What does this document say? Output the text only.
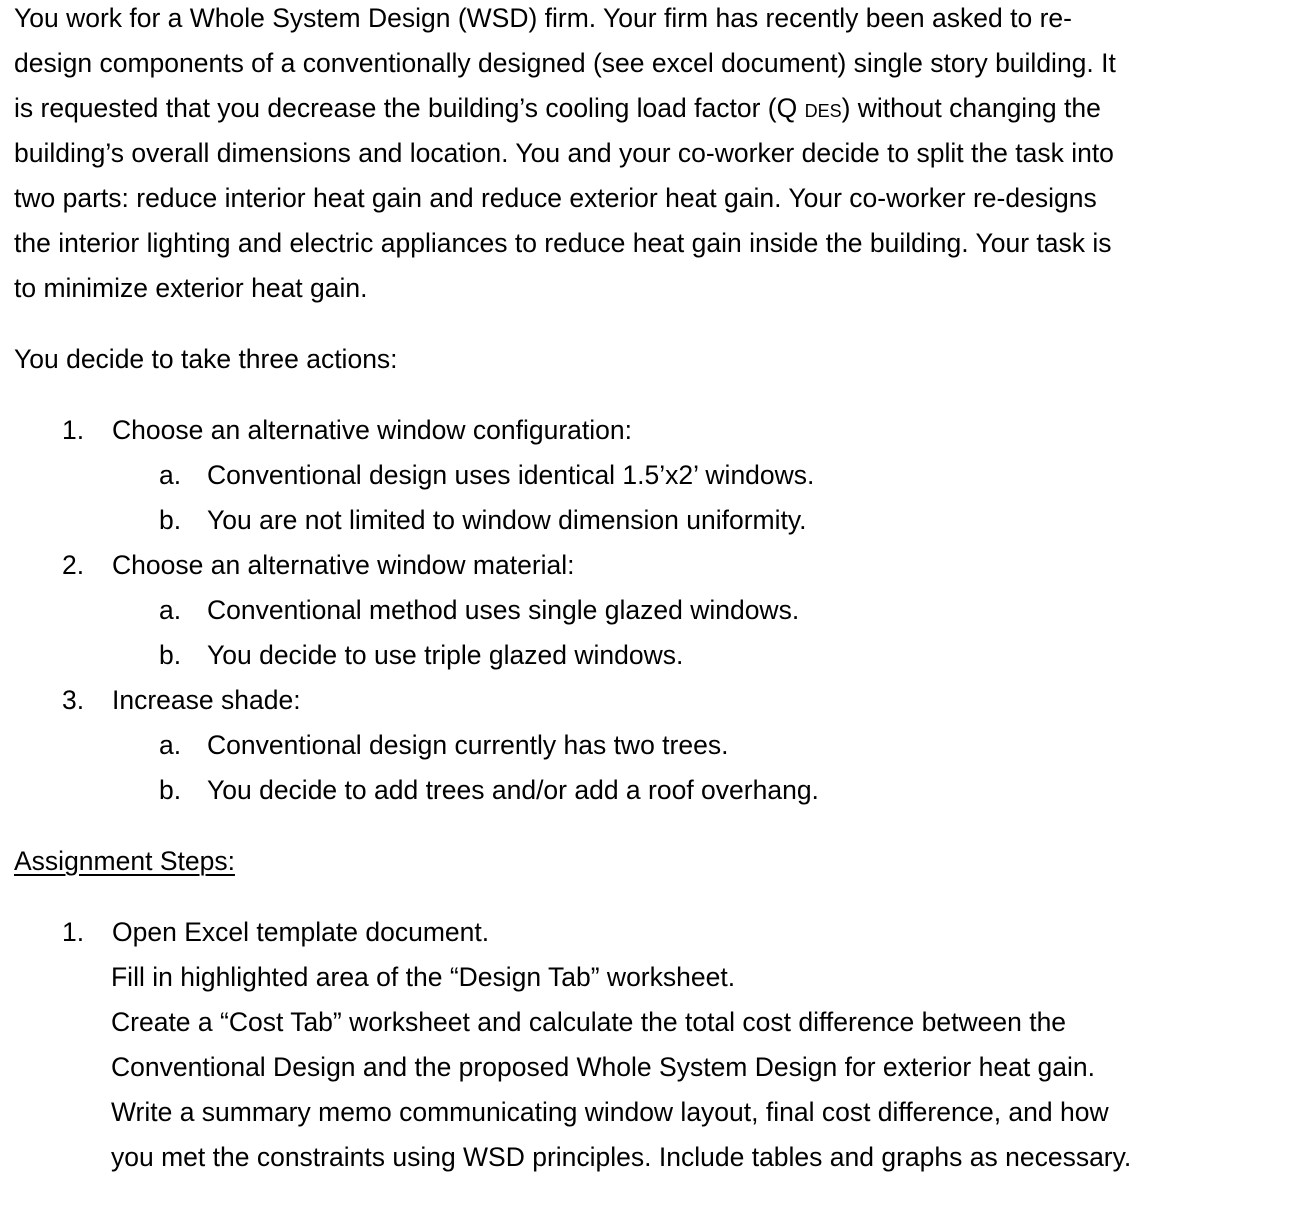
You work for a Whole System Design (WSD) firm. Your firm has recently been asked to re-
design components of a conventionally designed (see excel document) single story building. It
is requested that you decrease the building’s cooling load factor (Q DES) without changing the
building’s overall dimensions and location. You and your co-worker decide to split the task into
two parts: reduce interior heat gain and reduce exterior heat gain. Your co-worker re-designs
the interior lighting and electric appliances to reduce heat gain inside the building. Your task is
to minimize exterior heat gain.
You decide to take three actions:
1. Choose an alternative window configuration:
a. Conventional design uses identical 1.5’x2’ windows.
b. You are not limited to window dimension uniformity.
2. Choose an alternative window material:
a. Conventional method uses single glazed windows.
b. You decide to use triple glazed windows.
3. Increase shade:
a. Conventional design currently has two trees.
b. You decide to add trees and/or add a roof overhang.
Assignment Steps:
1. Open Excel template document.
Fill in highlighted area of the “Design Tab” worksheet.
Create a “Cost Tab” worksheet and calculate the total cost difference between the
Conventional Design and the proposed Whole System Design for exterior heat gain.
Write a summary memo communicating window layout, final cost difference, and how
you met the constraints using WSD principles. Include tables and graphs as necessary.
